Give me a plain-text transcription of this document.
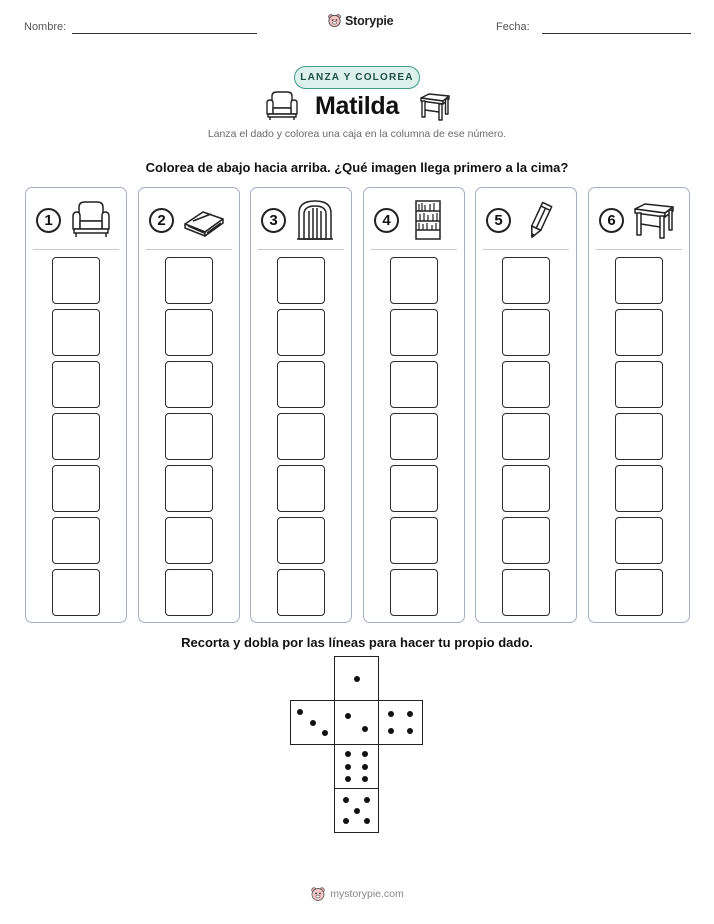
Nombre:	Storypie	Fecha:
LANZA Y COLOREA
Matilda
Lanza el dado y colorea una caja en la columna de ese número.
Colorea de abajo hacia arriba. ¿Qué imagen llega primero a la cima?
1	2	3	4	5	6
Recorta y dobla por las líneas para hacer tu propio dado.
mystorypie.com
